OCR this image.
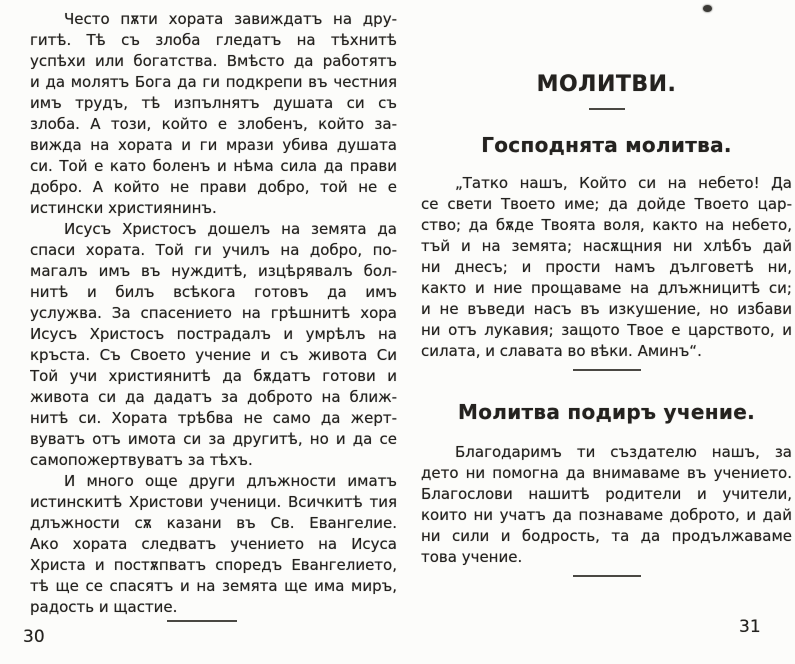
Често пѫти хората завиждатъ на дру-
гитѣ. Тѣ съ злоба гледатъ на тѣхнитѣ
успѣхи или богатства. Вмѣсто да работятъ
и да молятъ Бога да ги подкрепи въ честния
имъ трудъ, тѣ изпълнятъ душата си съ
злоба. А този, който е злобенъ, който за-
вижда на хората и ги мрази убива душата
си. Той е като боленъ и нѣма сила да прави
добро. А който не прави добро, той не е
истински християнинъ.
Исусъ Христосъ дошелъ на земята да
спаси хората. Той ги училъ на добро, по-
магалъ имъ въ нуждитѣ, изцѣрявалъ бол-
нитѣ и билъ всѣкога готовъ да имъ
услужва. За спасението на грѣшнитѣ хора
Исусъ Христосъ пострадалъ и умрѣлъ на
кръста. Съ Своето учение и съ живота Си
Той учи християнитѣ да бѫдатъ готови и
живота си да дадатъ за доброто на ближ-
нитѣ си. Хората трѣбва не само да жерт-
вуватъ отъ имота си за другитѣ, но и да се
самопожертвуватъ за тѣхъ.
И много още други длъжности иматъ
истинскитѣ Христови ученици. Всичкитѣ тия
длъжности сѫ казани въ Св. Евангелие.
Ако хората следватъ учението на Исуса
Христа и постѫпватъ споредъ Евангелието,
тѣ ще се спасятъ и на земята ще има миръ,
радость и щастие.
30
МОЛИТВИ.
Господнята молитва.
„Татко нашъ, Който си на небето! Да
се свети Твоето име; да дойде Твоето цар-
ство; да бѫде Твоята воля, както на небето,
тъй и на земята; насѫщния ни хлѣбъ дай
ни днесъ; и прости намъ дълговетѣ ни,
както и ние прощаваме на длъжницитѣ си;
и не въведи насъ въ изкушение, но избави
ни отъ лукавия; защото Твое е царството, и
силата, и славата во вѣки. Аминъ“.
Молитва подиръ учение.
Благодаримъ ти създателю нашъ, за
дето ни помогна да внимаваме въ учението.
Благослови нашитѣ родители и учители,
които ни учатъ да познаваме доброто, и дай
ни сили и бодрость, та да продължаваме
това учение.
31
